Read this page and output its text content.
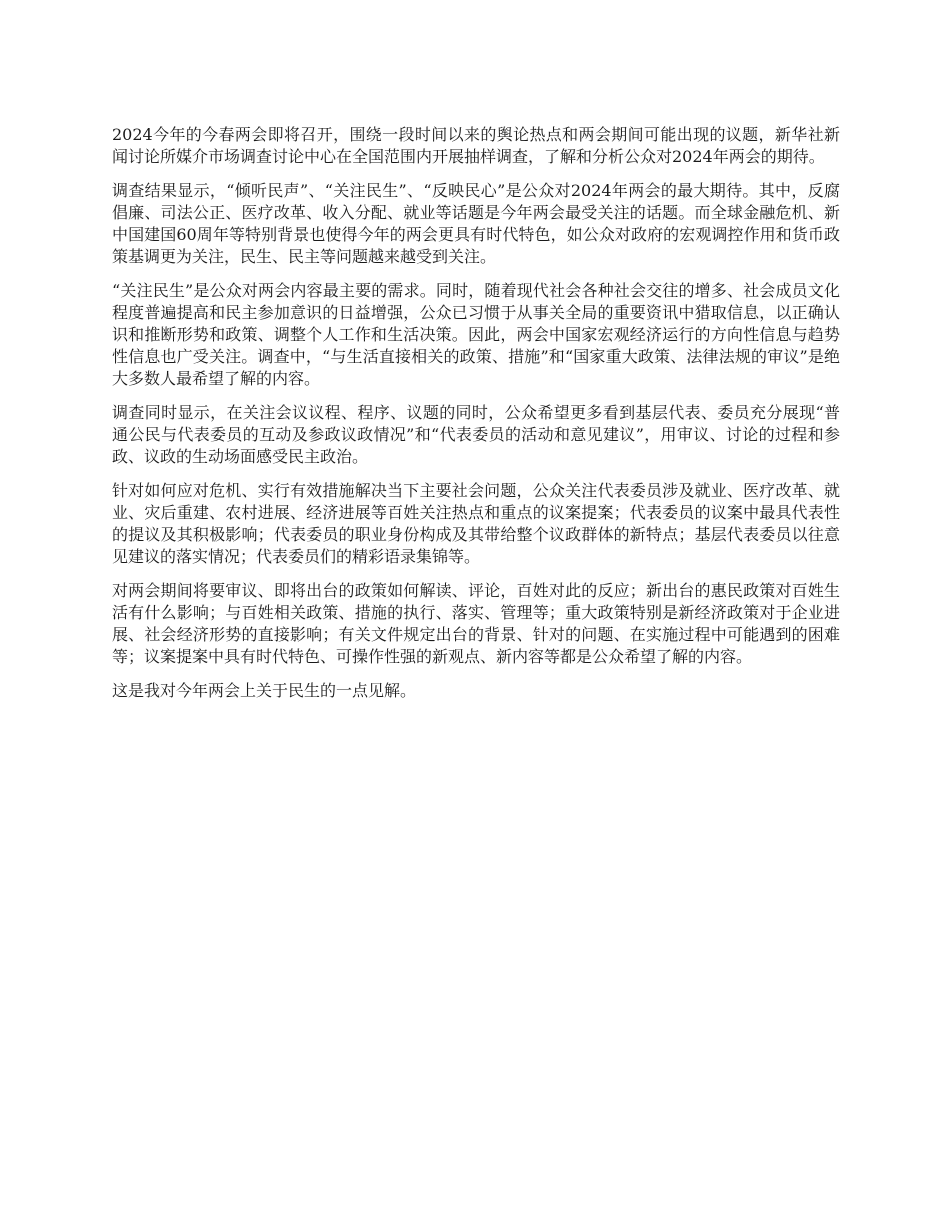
2024今年的今春两会即将召开，围绕一段时间以来的舆论热点和两会期间可能出现的议题，新华社新闻讨论所媒介市场调查讨论中心在全国范围内开展抽样调查，了解和分析公众对2024年两会的期待。

调查结果显示，“倾听民声”、“关注民生”、“反映民心”是公众对2024年两会的最大期待。其中，反腐倡廉、司法公正、医疗改革、收入分配、就业等话题是今年两会最受关注的话题。而全球金融危机、新中国建国60周年等特别背景也使得今年的两会更具有时代特色，如公众对政府的宏观调控作用和货币政策基调更为关注，民生、民主等问题越来越受到关注。

“关注民生”是公众对两会内容最主要的需求。同时，随着现代社会各种社会交往的增多、社会成员文化程度普遍提高和民主参加意识的日益增强，公众已习惯于从事关全局的重要资讯中猎取信息，以正确认识和推断形势和政策、调整个人工作和生活决策。因此，两会中国家宏观经济运行的方向性信息与趋势性信息也广受关注。调查中，“与生活直接相关的政策、措施”和“国家重大政策、法律法规的审议”是绝大多数人最希望了解的内容。

调查同时显示，在关注会议议程、程序、议题的同时，公众希望更多看到基层代表、委员充分展现“普通公民与代表委员的互动及参政议政情况”和“代表委员的活动和意见建议”，用审议、讨论的过程和参政、议政的生动场面感受民主政治。

针对如何应对危机、实行有效措施解决当下主要社会问题，公众关注代表委员涉及就业、医疗改革、就业、灾后重建、农村进展、经济进展等百姓关注热点和重点的议案提案；代表委员的议案中最具代表性的提议及其积极影响；代表委员的职业身份构成及其带给整个议政群体的新特点；基层代表委员以往意见建议的落实情况；代表委员们的精彩语录集锦等。

对两会期间将要审议、即将出台的政策如何解读、评论，百姓对此的反应；新出台的惠民政策对百姓生活有什么影响；与百姓相关政策、措施的执行、落实、管理等；重大政策特别是新经济政策对于企业进展、社会经济形势的直接影响；有关文件规定出台的背景、针对的问题、在实施过程中可能遇到的困难等；议案提案中具有时代特色、可操作性强的新观点、新内容等都是公众希望了解的内容。

这是我对今年两会上关于民生的一点见解。
